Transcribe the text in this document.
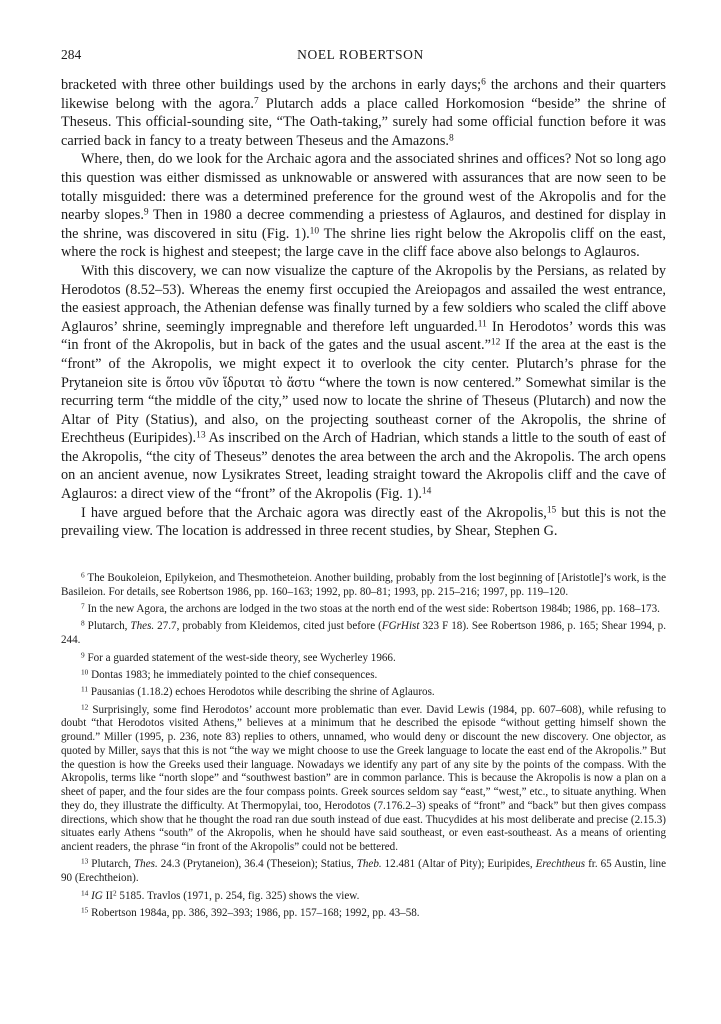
284	NOEL ROBERTSON

bracketed with three other buildings used by the archons in early days;$^6$ the archons and their quarters likewise belong with the agora.$^7$ Plutarch adds a place called Horkomosion “beside” the shrine of Theseus. This official-sounding site, “The Oath-taking,” surely had some official function before it was carried back in fancy to a treaty between Theseus and the Amazons.$^8$

Where, then, do we look for the Archaic agora and the associated shrines and offices? Not so long ago this question was either dismissed as unknowable or answered with assurances that are now seen to be totally misguided: there was a determined preference for the ground west of the Akropolis and for the nearby slopes.$^9$ Then in 1980 a decree commending a priestess of Aglauros, and destined for display in the shrine, was discovered in situ (Fig. 1).$^{10}$ The shrine lies right below the Akropolis cliff on the east, where the rock is highest and steepest; the large cave in the cliff face above also belongs to Aglauros.

With this discovery, we can now visualize the capture of the Akropolis by the Persians, as related by Herodotos (8.52–53). Whereas the enemy first occupied the Areiopagos and assailed the west entrance, the easiest approach, the Athenian defense was finally turned by a few soldiers who scaled the cliff above Aglauros’ shrine, seemingly impregnable and therefore left unguarded.$^{11}$ In Herodotos’ words this was “in front of the Akropolis, but in back of the gates and the usual ascent.”$^{12}$ If the area at the east is the “front” of the Akropolis, we might expect it to overlook the city center. Plutarch’s phrase for the Prytaneion site is ὅπου νῦν ἵδρυται τὸ ἄστυ “where the town is now centered.” Somewhat similar is the recurring term “the middle of the city,” used now to locate the shrine of Theseus (Plutarch) and now the Altar of Pity (Statius), and also, on the projecting southeast corner of the Akropolis, the shrine of Erechtheus (Euripides).$^{13}$ As inscribed on the Arch of Hadrian, which stands a little to the south of east of the Akropolis, “the city of Theseus” denotes the area between the arch and the Akropolis. The arch opens on an ancient avenue, now Lysikrates Street, leading straight toward the Akropolis cliff and the cave of Aglauros: a direct view of the “front” of the Akropolis (Fig. 1).$^{14}$

I have argued before that the Archaic agora was directly east of the Akropolis,$^{15}$ but this is not the prevailing view. The location is addressed in three recent studies, by Shear, Stephen G.

$^6$ The Boukoleion, Epilykeion, and Thesmotheteion. Another building, probably from the lost beginning of [Aristotle]’s work, is the Basileion. For details, see Robertson 1986, pp. 160–163; 1992, pp. 80–81; 1993, pp. 215–216; 1997, pp. 119–120.

$^7$ In the new Agora, the archons are lodged in the two stoas at the north end of the west side: Robertson 1984b; 1986, pp. 168–173.

$^8$ Plutarch, Thes. 27.7, probably from Kleidemos, cited just before (FGrHist 323 F 18). See Robertson 1986, p. 165; Shear 1994, p. 244.

$^9$ For a guarded statement of the west-side theory, see Wycherley 1966.

$^{10}$ Dontas 1983; he immediately pointed to the chief consequences.

$^{11}$ Pausanias (1.18.2) echoes Herodotos while describing the shrine of Aglauros.

$^{12}$ Surprisingly, some find Herodotos’ account more problematic than ever. David Lewis (1984, pp. 607–608), while refusing to doubt “that Herodotos visited Athens,” believes at a minimum that he described the episode “without getting himself shown the ground.” Miller (1995, p. 236, note 83) replies to others, unnamed, who would deny or discount the new discovery. One objector, as quoted by Miller, says that this is not “the way we might choose to use the Greek language to locate the east end of the Akropolis.” But the question is how the Greeks used their language. Nowadays we identify any part of any site by the points of the compass. With the Akropolis, terms like “north slope” and “southwest bastion” are in common parlance. This is because the Akropolis is now a plan on a sheet of paper, and the four sides are the four compass points. Greek sources seldom say “east,” “west,” etc., to situate anything. When they do, they illustrate the difficulty. At Thermopylai, too, Herodotos (7.176.2–3) speaks of “front” and “back” but then gives compass directions, which show that he thought the road ran due south instead of due east. Thucydides at his most deliberate and precise (2.15.3) situates early Athens “south” of the Akropolis, when he should have said southeast, or even east-southeast. As a means of orienting ancient readers, the phrase “in front of the Akropolis” could not be bettered.

$^{13}$ Plutarch, Thes. 24.3 (Prytaneion), 36.4 (Theseion); Statius, Theb. 12.481 (Altar of Pity); Euripides, Erechtheus fr. 65 Austin, line 90 (Erechtheion).

$^{14}$ IG $II^2$ 5185. Travlos (1971, p. 254, fig. 325) shows the view.

$^{15}$ Robertson 1984a, pp. 386, 392–393; 1986, pp. 157–168; 1992, pp. 43–58.
